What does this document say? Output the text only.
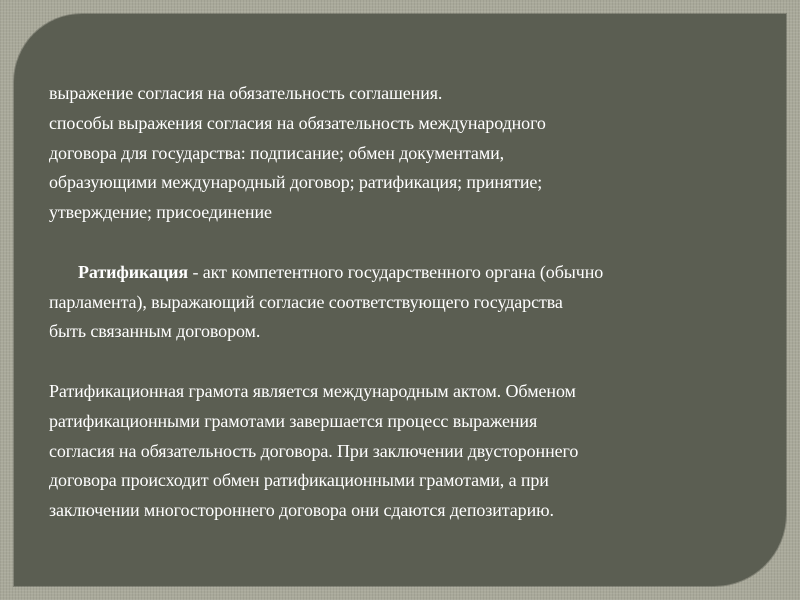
выражение согласия на обязательность соглашения.

способы выражения согласия на обязательность международного

договора для государства: подписание; обмен документами,

образующими международный договор; ратификация; принятие;

утверждение; присоединение

Ратификация - акт компетентного государственного органа (обычно

парламента), выражающий согласие соответствующего государства

быть связанным договором.

Ратификационная грамота является международным актом. Обменом

ратификационными грамотами завершается процесс выражения

согласия на обязательность договора. При заключении двустороннего

договора происходит обмен ратификационными грамотами, а при

заключении многостороннего договора они сдаются депозитарию.
